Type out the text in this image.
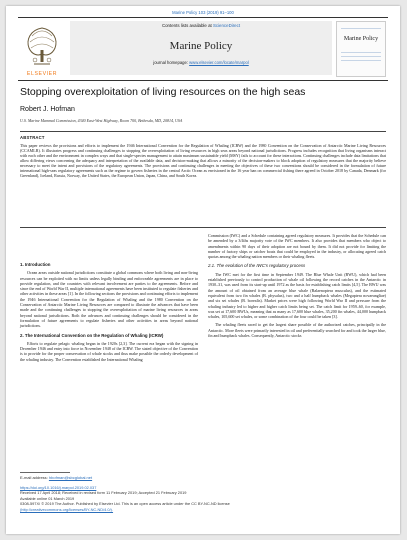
Marine Policy 103 (2019) 91–100
ELSEVIER
Contents lists available at ScienceDirect
Marine Policy
journal homepage: www.elsevier.com/locate/marpol
Marine Policy
Stopping overexploitation of living resources on the high seas
Robert J. Hofman
U.S. Marine Mammal Commission, 4340 East-West Highway, Room 700, Bethesda, MD, 20814, USA
ABSTRACT
This paper reviews the provisions and efforts to implement the 1946 International Convention for the Regulation of Whaling (ICRW) and the 1980 Convention on the Conservation of Antarctic Marine Living Resources (CCAMLR). It illustrates progress and continuing challenges to stopping the overexploitation of living resources in high seas areas beyond national jurisdictions. Progress includes recognition that living organisms interact with each other and the environment in complex ways and that single-species management to attain maximum sustainable yield (MSY) fails to account for these interactions. Continuing challenges include data limitations that allow differing views concerning the adequacy and interpretation of the available data, and decision-making that allows a minority of the decision-makers to block adoption of regulatory measures that the majority believe necessary to meet the intent and provisions of the regulatory agreements. The provisions and continuing challenges in meeting the objectives of these two conventions should be considered in the formulation of future international high-seas regulatory agreements such as the regime to govern fisheries in the central Arctic Ocean as envisioned in the 16 year ban on commercial fishing there agreed in October 2018 by Canada, Denmark (for Greenland), Iceland, Russia, Norway, the United States, the European Union, Japan, China, and South Korea.
1. Introduction

Ocean areas outside national jurisdictions constitute a global commons where both living and non-living resources can be exploited with no limits unless legally binding and enforceable agreements are in place to provide regulation, and the countries with relevant involvement are parties to the agreements. Before and since the end of World War II, multiple international agreements have been instituted to regulate fisheries and other activities in these areas [1]. In the following sections the provisions and continuing efforts to implement the 1946 International Convention for the Regulation of Whaling and the 1980 Convention on the Conservation of Antarctic Marine Living Resources are compared to illustrate the advances that have been made and the continuing challenges to stopping the overexploitation of marine living resources in areas beyond national jurisdictions. Both the advances and continuing challenges should be considered in the formulation of future agreements to regulate fisheries and other activities in areas beyond national jurisdictions.

2. The International Convention on the Regulation of Whaling (ICRW)

Efforts to regulate pelagic whaling began in the 1920s [2,3]. The current era began with the signing in December 1946 and entry into force in November 1948 of the ICRW. The stated objective of the Convention is to provide for the proper conservation of whale stocks and thus make possible the orderly development of the whaling industry. The Convention established the International Whaling

Commission (IWC) and a Schedule containing agreed regulatory measures. It provides that the Schedule can be amended by a 3/4ths majority vote of the IWC members. It also provides that members who object to amendments within 90 days of their adoption are not bound by them. It did not provide for limiting the number of factory ships or catcher boats that could be employed in the industry, or allocating agreed catch quotas among the whaling nation members or their whaling fleets.

2.1. The evolution of the IWC's regulatory process

The IWC met for the first time in September 1949. The Blue Whale Unit (BWU), which had been established previously to control production of whale oil following the record catches in the Antarctic in 1930–31, was used from its start-up until 1972 as the basis for establishing catch limits [4,5]. The BWU was the amount of oil obtained from an average blue whale (Balaenoptera musculus), and the estimated equivalent from two fin whales (B. physalus), two and a half humpback whales (Megaptera novaeangliae) and six sei whales (B. borealis). Market prices were high following World War II and pressure from the whaling industry led to higher and higher catch limits being set. The catch limit for 1959–60, for example, was set at 17,600 BWUs, meaning that as many as 17,600 blue whales, 35,200 fin whales, 44,000 humpback whales, 105,600 sei whales, or some combination of the four could be taken [3].

The whaling fleets raced to get the largest share possible of the authorized catches, principally in the Antarctic. More fleets were primarily interested in oil and preferentially searched for and took the larger blue, fin and humpback whales. Consequently, Antarctic stocks

E-mail address: hbofman@sbcglobal.net
https://doi.org/10.1016/j.marpol.2019.02.037
Received 17 April 2018; Received in revised form 11 February 2019; Accepted 21 February 2019
Available online 01 March 2019
0308-597X/ © 2019 The Author. Published by Elsevier Ltd. This is an open access article under the CC BY-NC-ND license
(http://creativecommons.org/licenses/BY-NC-ND/4.0/).
